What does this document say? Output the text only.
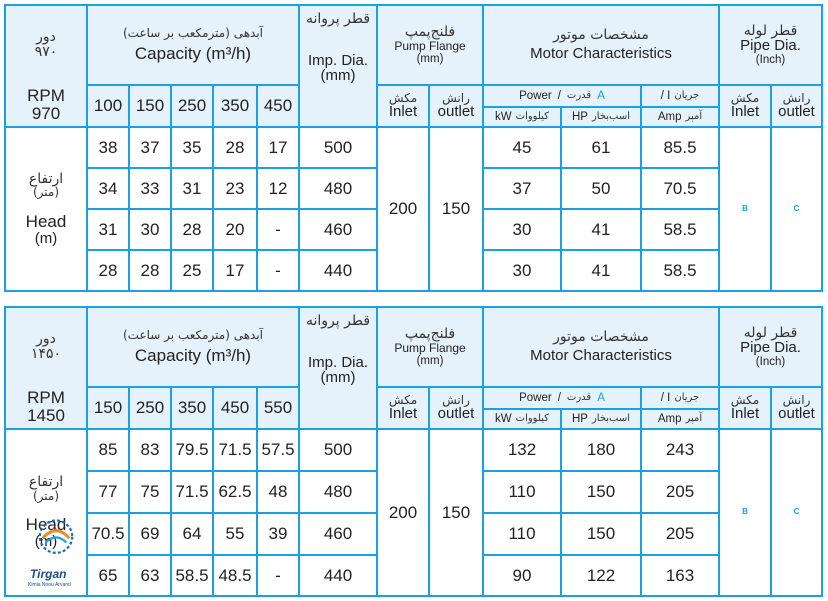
دور
۹۷۰
RPM
970
آبدهی (مترمکعب بر ساعت)
Capacity (m³/h)
100 150 250 350 450
قطر پروانه
Imp. Dia.
(mm)
فلنج‌پمپ
Pump Flange
(mm)
مکش
Inlet
رانش
outlet
مشخصات موتور
Motor Characteristics
Power / قدرت A	/ I جریان
kW کیلووات HP اسب‌بخار Amp آمپر
قطر لوله
Pipe Dia.
(Inch)
مکش
Inlet
رانش
outlet
ارتفاع
(متر)
Head
(m)
38	37	35	28	17	500	45	61	85.5
34	33	31	23	12	480	37	50	70.5
31	30	28	20	-	460	30	41	58.5
28	28	25	17	-	440	30	41	58.5
200	150	B	C
دور
۱۴۵۰
RPM
1450
آبدهی (مترمکعب بر ساعت)
Capacity (m³/h)
150 250 350 450 550
قطر پروانه
Imp. Dia.
(mm)
فلنج‌پمپ
Pump Flange
(mm)
مکش
Inlet
رانش
outlet
مشخصات موتور
Motor Characteristics
Power / قدرت A	/ I جریان
kW کیلووات HP اسب‌بخار Amp آمپر
قطر لوله
Pipe Dia.
(Inch)
مکش
Inlet
رانش
outlet
ارتفاع
(متر)
Head
(m)
85	83 79.5 71.5 57.5	500	132	180	243
77	75 71.5 62.5 48	480	110	150	205
70.5 69	64	55	39	460	110	150	205
65	63 58.5 48.5	-	440	90	122	163
200	150	B	C
Tirgan
Kimia Nirou Arvand
